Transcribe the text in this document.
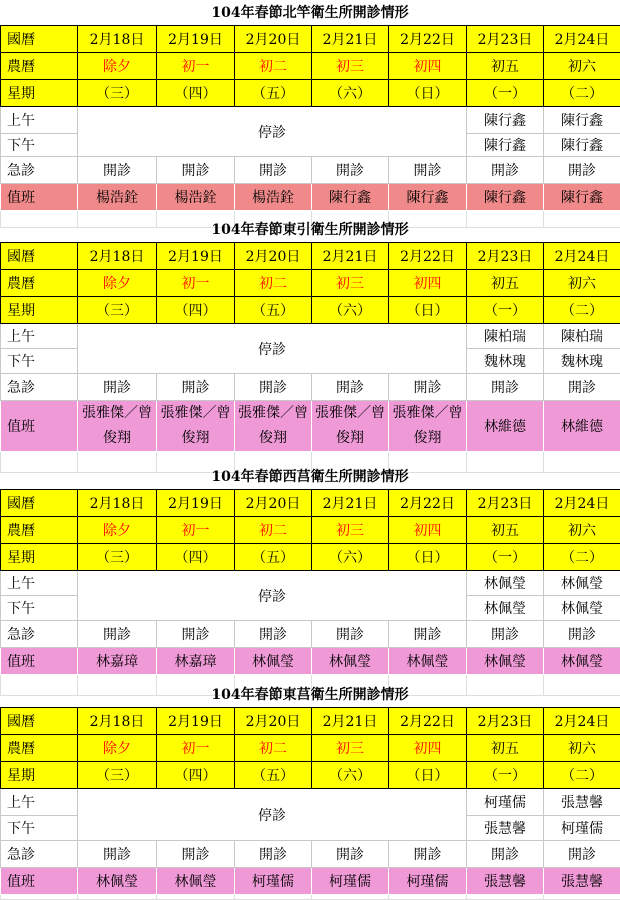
104年春節北竿衛生所開診情形
國曆	2月18日	2月19日	2月20日	2月21日	2月22日	2月23日	2月24日
農曆	除夕	初一	初二	初三	初四	初五	初六
星期	（三）	（四）	（五）	（六）	（日）	（一）	（二）
上午	停診					陳行鑫	陳行鑫
下午						陳行鑫	陳行鑫
急診	開診	開診	開診	開診	開診	開診	開診
值班	楊浩銓	楊浩銓	楊浩銓	陳行鑫	陳行鑫	陳行鑫	陳行鑫

104年春節東引衛生所開診情形
國曆	2月18日	2月19日	2月20日	2月21日	2月22日	2月23日	2月24日
農曆	除夕	初一	初二	初三	初四	初五	初六
星期	（三）	（四）	（五）	（六）	（日）	（一）	（二）
上午	停診					陳柏瑞	陳柏瑞
下午						魏林瑰	魏林瑰
急診	開診	開診	開診	開診	開診	開診	開診
值班	張雅傑／曾俊翔	張雅傑／曾俊翔	張雅傑／曾俊翔	張雅傑／曾俊翔	張雅傑／曾俊翔	林維德	林維德

104年春節西莒衛生所開診情形
國曆	2月18日	2月19日	2月20日	2月21日	2月22日	2月23日	2月24日
農曆	除夕	初一	初二	初三	初四	初五	初六
星期	（三）	（四）	（五）	（六）	（日）	（一）	（二）
上午	停診					林佩瑩	林佩瑩
下午						林佩瑩	林佩瑩
急診	開診	開診	開診	開診	開診	開診	開診
值班	林嘉璋	林嘉璋	林佩瑩	林佩瑩	林佩瑩	林佩瑩	林佩瑩

104年春節東莒衛生所開診情形
國曆	2月18日	2月19日	2月20日	2月21日	2月22日	2月23日	2月24日
農曆	除夕	初一	初二	初三	初四	初五	初六
星期	（三）	（四）	（五）	（六）	（日）	（一）	（二）
上午	停診					柯瑾儒	張慧馨
下午						張慧馨	柯瑾儒
急診	開診	開診	開診	開診	開診	開診	開診
值班	林佩瑩	林佩瑩	柯瑾儒	柯瑾儒	柯瑾儒	張慧馨	張慧馨
